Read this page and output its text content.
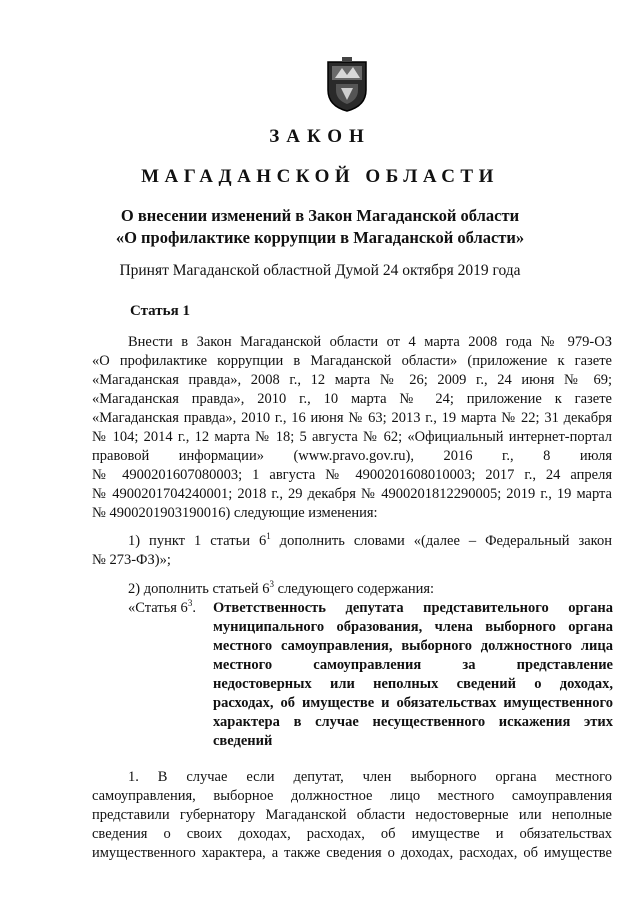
ЗАКОН
МАГАДАНСКОЙ ОБЛАСТИ
О внесении изменений в Закон Магаданской области
«О профилактике коррупции в Магаданской области»
Принят Магаданской областной Думой 24 октября 2019 года
Статья 1
Внести в Закон Магаданской области от 4 марта 2008 года № 979-ОЗ
«О профилактике коррупции в Магаданской области» (приложение к газете
«Магаданская правда», 2008 г., 12 марта № 26; 2009 г., 24 июня № 69;
«Магаданская правда», 2010 г., 10 марта № 24; приложение к газете
«Магаданская правда», 2010 г., 16 июня № 63; 2013 г., 19 марта № 22; 31 декабря
№ 104; 2014 г., 12 марта № 18; 5 августа № 62; «Официальный интернет-портал
правовой информации» (www.pravo.gov.ru), 2016 г., 8 июля
№ 4900201607080003; 1 августа № 4900201608010003; 2017 г., 24 апреля
№ 4900201704240001; 2018 г., 29 декабря № 4900201812290005; 2019 г., 19 марта
№ 4900201903190016) следующие изменения:
1) пункт 1 статьи $6^1$ дополнить словами «(далее – Федеральный закон
№ 273-ФЗ)»;
2) дополнить статьей $6^3$ следующего содержания:
«Статья $6^3$. Ответственность депутата представительного органа
муниципального образования, члена выборного органа
местного самоуправления, выборного должностного лица
местного самоуправления за представление
недостоверных или неполных сведений о доходах,
расходах, об имуществе и обязательствах имущественного
характера в случае несущественного искажения этих
сведений
1. В случае если депутат, член выборного органа местного
самоуправления, выборное должностное лицо местного самоуправления
представили губернатору Магаданской области недостоверные или неполные
сведения о своих доходах, расходах, об имуществе и обязательствах
имущественного характера, а также сведения о доходах, расходах, об имуществе
